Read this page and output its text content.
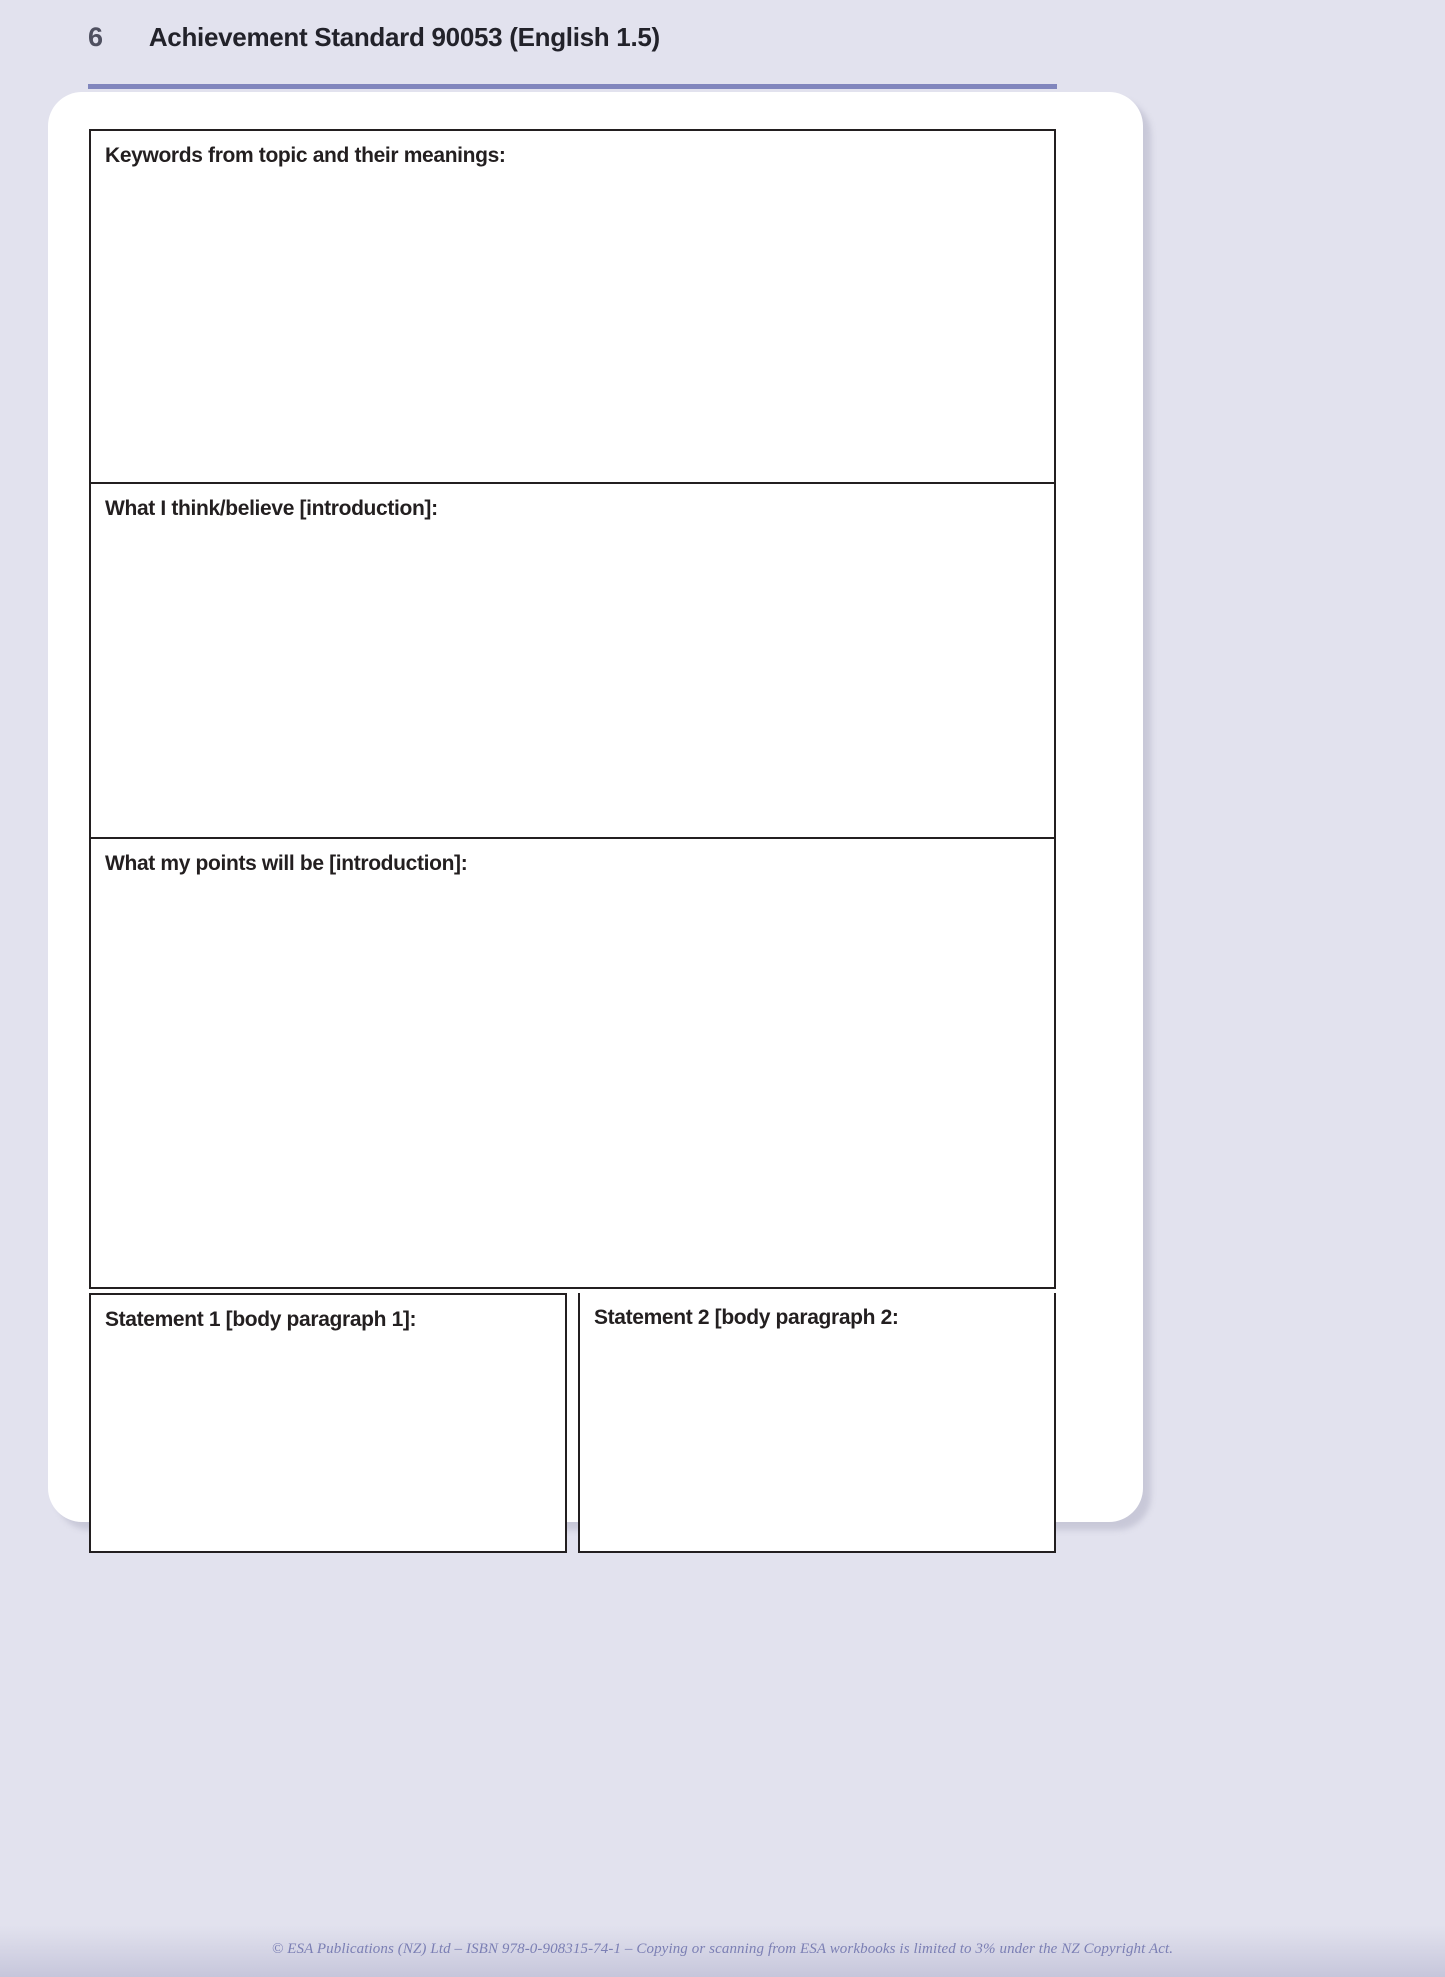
6 Achievement Standard 90053 (English 1.5)
Keywords from topic and their meanings:
What I think/believe [introduction]:
What my points will be [introduction]:
Statement 1 [body paragraph 1]:	Statement 2 [body paragraph 2:
© ESA Publications (NZ) Ltd – ISBN 978-0-908315-74-1 – Copying or scanning from ESA workbooks is limited to 3% under the NZ Copyright Act.
